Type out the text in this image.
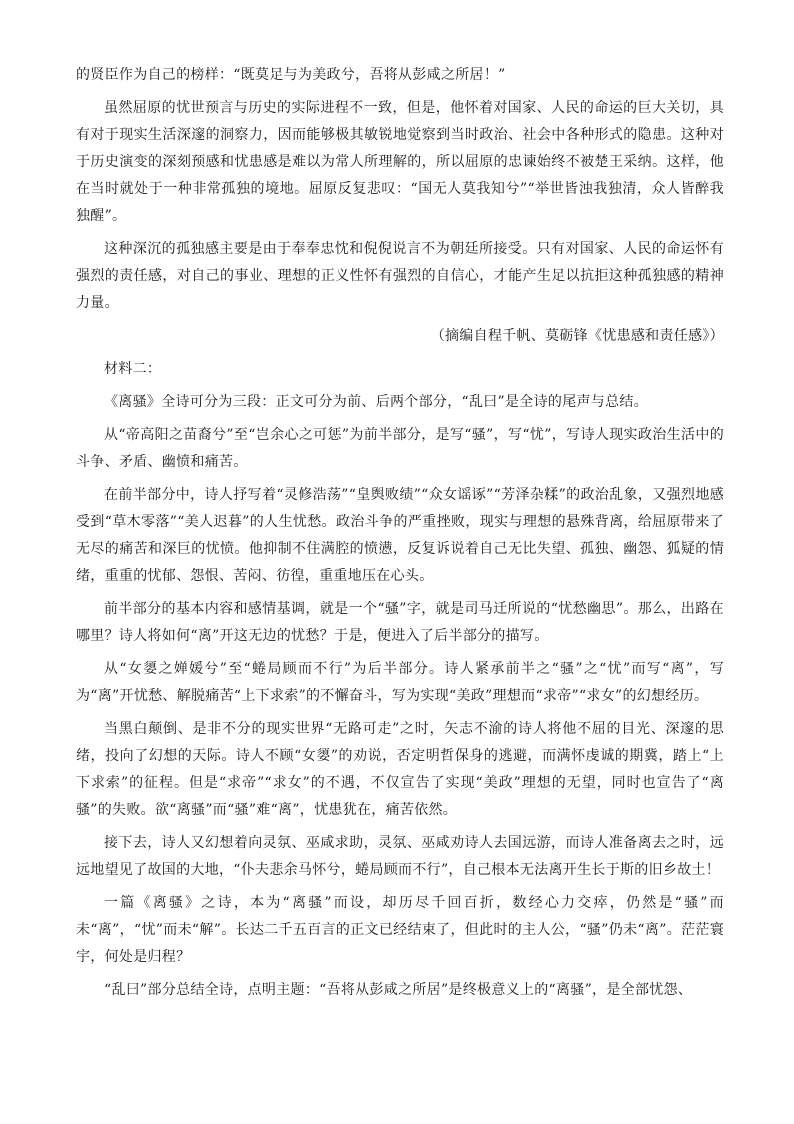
的贤臣作为自己的榜样：“既莫足与为美政兮，吾将从彭咸之所居！”

虽然屈原的忧世预言与历史的实际进程不一致，但是，他怀着对国家、人民的命运的巨大关切，具有对于现实生活深邃的洞察力，因而能够极其敏锐地觉察到当时政治、社会中各种形式的隐患。这种对于历史演变的深刻预感和忧患感是难以为常人所理解的，所以屈原的忠谏始终不被楚王采纳。这样，他在当时就处于一种非常孤独的境地。屈原反复悲叹：“国无人莫我知兮”“举世皆浊我独清，众人皆醉我独醒”。

这种深沉的孤独感主要是由于奉奉忠忱和倪倪说言不为朝廷所接受。只有对国家、人民的命运怀有强烈的责任感，对自己的事业、理想的正义性怀有强烈的自信心，才能产生足以抗拒这种孤独感的精神力量。

（摘编自程千帆、莫砺锋《忧患感和责任感》）

材料二：

《离骚》全诗可分为三段：正文可分为前、后两个部分，“乱曰”是全诗的尾声与总结。

从“帝高阳之苗裔兮”至“岂余心之可惩”为前半部分，是写“骚”，写“忧”，写诗人现实政治生活中的斗争、矛盾、幽愤和痛苦。

在前半部分中，诗人抒写着“灵修浩荡”“皇舆败绩”“众女谣诼”“芳泽杂糅”的政治乱象，又强烈地感受到“草木零落”“美人迟暮”的人生忧愁。政治斗争的严重挫败，现实与理想的悬殊背离，给屈原带来了无尽的痛苦和深巨的忧愤。他抑制不住满腔的愤懑，反复诉说着自己无比失望、孤独、幽怨、狐疑的情绪，重重的忧郁、怨恨、苦闷、彷徨，重重地压在心头。

前半部分的基本内容和感情基调，就是一个“骚”字，就是司马迁所说的“忧愁幽思”。那么，出路在哪里？诗人将如何“离”开这无边的忧愁？于是，便进入了后半部分的描写。

从“女嬃之婵媛兮”至“蜷局顾而不行”为后半部分。诗人紧承前半之“骚”之“忧”而写“离”，写为“离”开忧愁、解脱痛苦“上下求索”的不懈奋斗，写为实现“美政”理想而“求帝”“求女”的幻想经历。

当黑白颠倒、是非不分的现实世界“无路可走”之时，矢志不渝的诗人将他不屈的目光、深邃的思绪，投向了幻想的天际。诗人不顾“女嬃”的劝说，否定明哲保身的逃避，而满怀虔诚的期冀，踏上“上下求索”的征程。但是“求帝”“求女”的不遇，不仅宣告了实现“美政”理想的无望，同时也宣告了“离骚”的失败。欲“离骚”而“骚”难“离”，忧患犹在，痛苦依然。

接下去，诗人又幻想着向灵氛、巫咸求助，灵氛、巫咸劝诗人去国远游，而诗人准备离去之时，远远地望见了故国的大地，“仆夫悲余马怀兮，蜷局顾而不行”，自己根本无法离开生长于斯的旧乡故土！

一篇《离骚》之诗，本为“离骚”而设，却历尽千回百折，数经心力交瘁，仍然是“骚”而未“离”，“忧”而未“解”。长达二千五百言的正文已经结束了，但此时的主人公，“骚”仍未“离”。茫茫寰宇，何处是归程？

“乱曰”部分总结全诗，点明主题：“吾将从彭咸之所居”是终极意义上的“离骚”，是全部忧怨、
